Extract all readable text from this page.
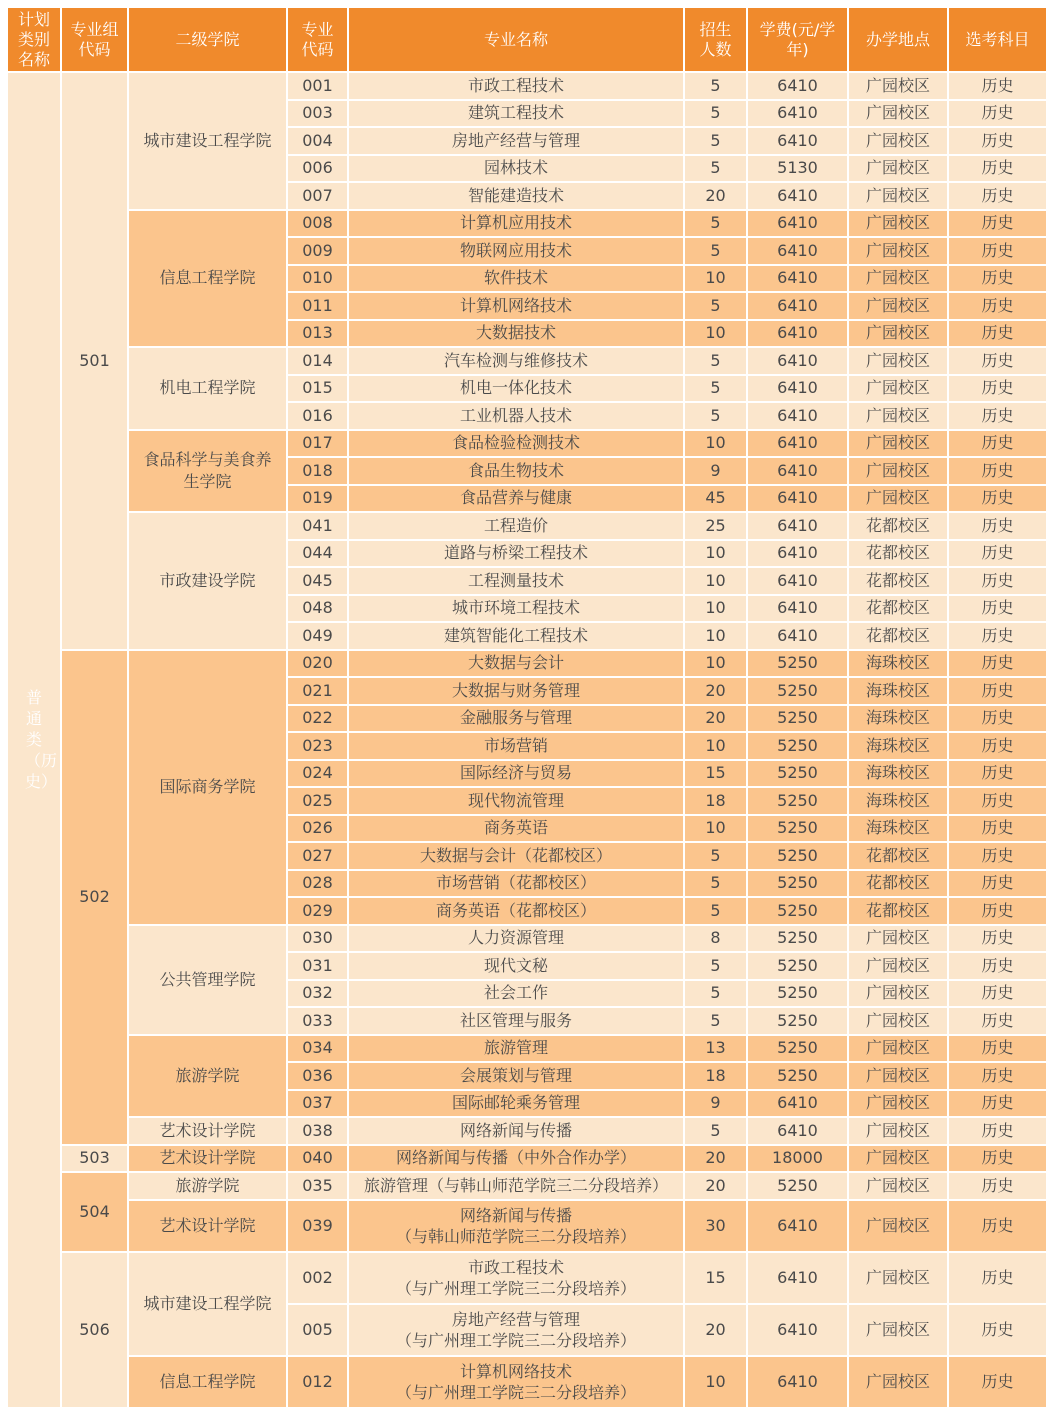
计划类别名称	专业组代码	二级学院	专业代码	专业名称	招生人数	学费(元/学年)	办学地点	选考科目
普通类（历史）	501	城市建设工程学院	001	市政工程技术	5	6410	广园校区	历史
			003	建筑工程技术	5	6410	广园校区	历史
			004	房地产经营与管理	5	6410	广园校区	历史
			006	园林技术	5	5130	广园校区	历史
			007	智能建造技术	20	6410	广园校区	历史
		信息工程学院	008	计算机应用技术	5	6410	广园校区	历史
			009	物联网应用技术	5	6410	广园校区	历史
			010	软件技术	10	6410	广园校区	历史
			011	计算机网络技术	5	6410	广园校区	历史
			013	大数据技术	10	6410	广园校区	历史
		机电工程学院	014	汽车检测与维修技术	5	6410	广园校区	历史
			015	机电一体化技术	5	6410	广园校区	历史
			016	工业机器人技术	5	6410	广园校区	历史
		食品科学与美食养生学院	017	食品检验检测技术	10	6410	广园校区	历史
			018	食品生物技术	9	6410	广园校区	历史
			019	食品营养与健康	45	6410	广园校区	历史
		市政建设学院	041	工程造价	25	6410	花都校区	历史
			044	道路与桥梁工程技术	10	6410	花都校区	历史
			045	工程测量技术	10	6410	花都校区	历史
			048	城市环境工程技术	10	6410	花都校区	历史
			049	建筑智能化工程技术	10	6410	花都校区	历史
	502	国际商务学院	020	大数据与会计	10	5250	海珠校区	历史
			021	大数据与财务管理	20	5250	海珠校区	历史
			022	金融服务与管理	20	5250	海珠校区	历史
			023	市场营销	10	5250	海珠校区	历史
			024	国际经济与贸易	15	5250	海珠校区	历史
			025	现代物流管理	18	5250	海珠校区	历史
			026	商务英语	10	5250	海珠校区	历史
			027	大数据与会计（花都校区）	5	5250	花都校区	历史
			028	市场营销（花都校区）	5	5250	花都校区	历史
			029	商务英语（花都校区）	5	5250	花都校区	历史
		公共管理学院	030	人力资源管理	8	5250	广园校区	历史
			031	现代文秘	5	5250	广园校区	历史
			032	社会工作	5	5250	广园校区	历史
			033	社区管理与服务	5	5250	广园校区	历史
		旅游学院	034	旅游管理	13	5250	广园校区	历史
			036	会展策划与管理	18	5250	广园校区	历史
			037	国际邮轮乘务管理	9	6410	广园校区	历史
		艺术设计学院	038	网络新闻与传播	5	6410	广园校区	历史
	503	艺术设计学院	040	网络新闻与传播（中外合作办学）	20	18000	广园校区	历史
	504	旅游学院	035	旅游管理（与韩山师范学院三二分段培养）	20	5250	广园校区	历史
		艺术设计学院	039	网络新闻与传播
（与韩山师范学院三二分段培养）	30	6410	广园校区	历史
	506	城市建设工程学院	002	市政工程技术
（与广州理工学院三二分段培养）	15	6410	广园校区	历史
			005	房地产经营与管理
（与广州理工学院三二分段培养）	20	6410	广园校区	历史
		信息工程学院	012	计算机网络技术
（与广州理工学院三二分段培养）	10	6410	广园校区	历史
